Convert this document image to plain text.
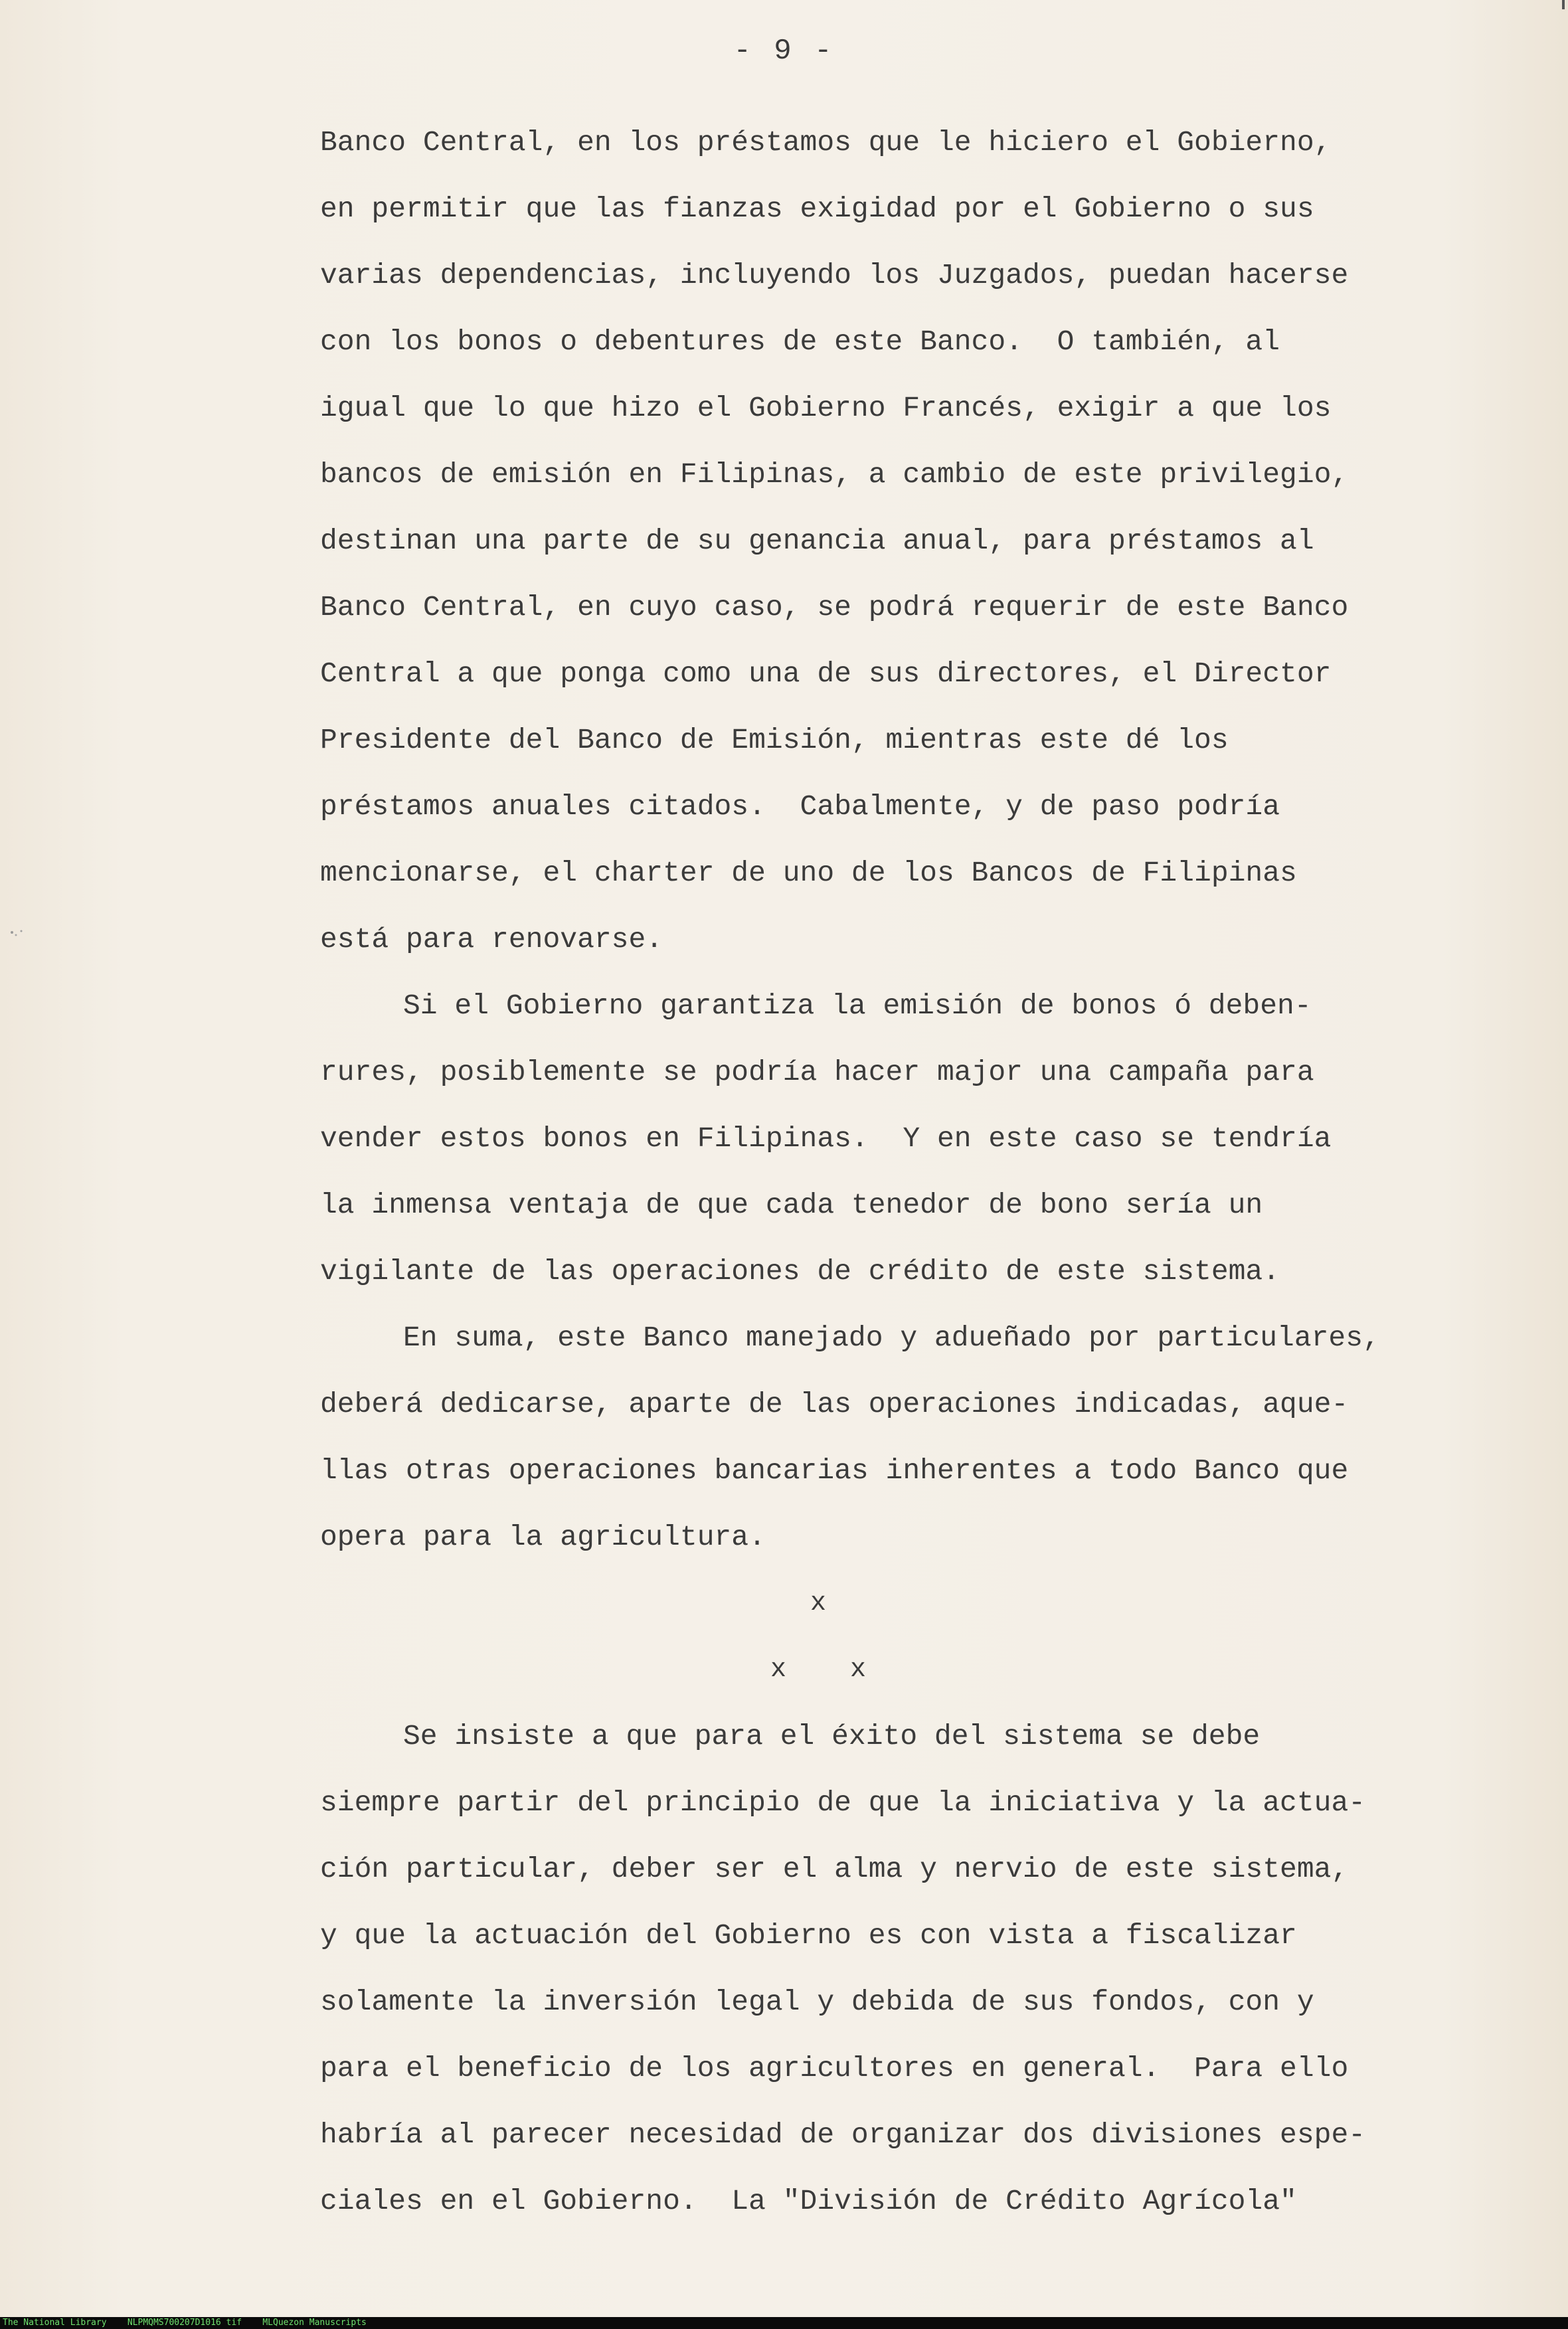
- 9 -
Banco Central, en los préstamos que le hiciero el Gobierno,
en permitir que las fianzas exigidad por el Gobierno o sus
varias dependencias, incluyendo los Juzgados, puedan hacerse
con los bonos o debentures de este Banco.  O también, al
igual que lo que hizo el Gobierno Francés, exigir a que los
bancos de emisión en Filipinas, a cambio de este privilegio,
destinan una parte de su genancia anual, para préstamos al
Banco Central, en cuyo caso, se podrá requerir de este Banco
Central a que ponga como una de sus directores, el Director
Presidente del Banco de Emisión, mientras este dé los
préstamos anuales citados.  Cabalmente, y de paso podría
mencionarse, el charter de uno de los Bancos de Filipinas
está para renovarse.
Si el Gobierno garantiza la emisión de bonos ó deben-
rures, posiblemente se podría hacer major una campaña para
vender estos bonos en Filipinas.  Y en este caso se tendría
la inmensa ventaja de que cada tenedor de bono sería un
vigilante de las operaciones de crédito de este sistema.
En suma, este Banco manejado y adueñado por particulares,
deberá dedicarse, aparte de las operaciones indicadas, aque-
llas otras operaciones bancarias inherentes a todo Banco que
opera para la agricultura.
x
x    x
Se insiste a que para el éxito del sistema se debe
siempre partir del principio de que la iniciativa y la actua-
ción particular, deber ser el alma y nervio de este sistema,
y que la actuación del Gobierno es con vista a fiscalizar
solamente la inversión legal y debida de sus fondos, con y
para el beneficio de los agricultores en general.  Para ello
habría al parecer necesidad de organizar dos divisiones espe-
ciales en el Gobierno.  La "División de Crédito Agrícola"
The National Library    NLPMQMS700207D1016 tif    MLQuezon Manuscripts
